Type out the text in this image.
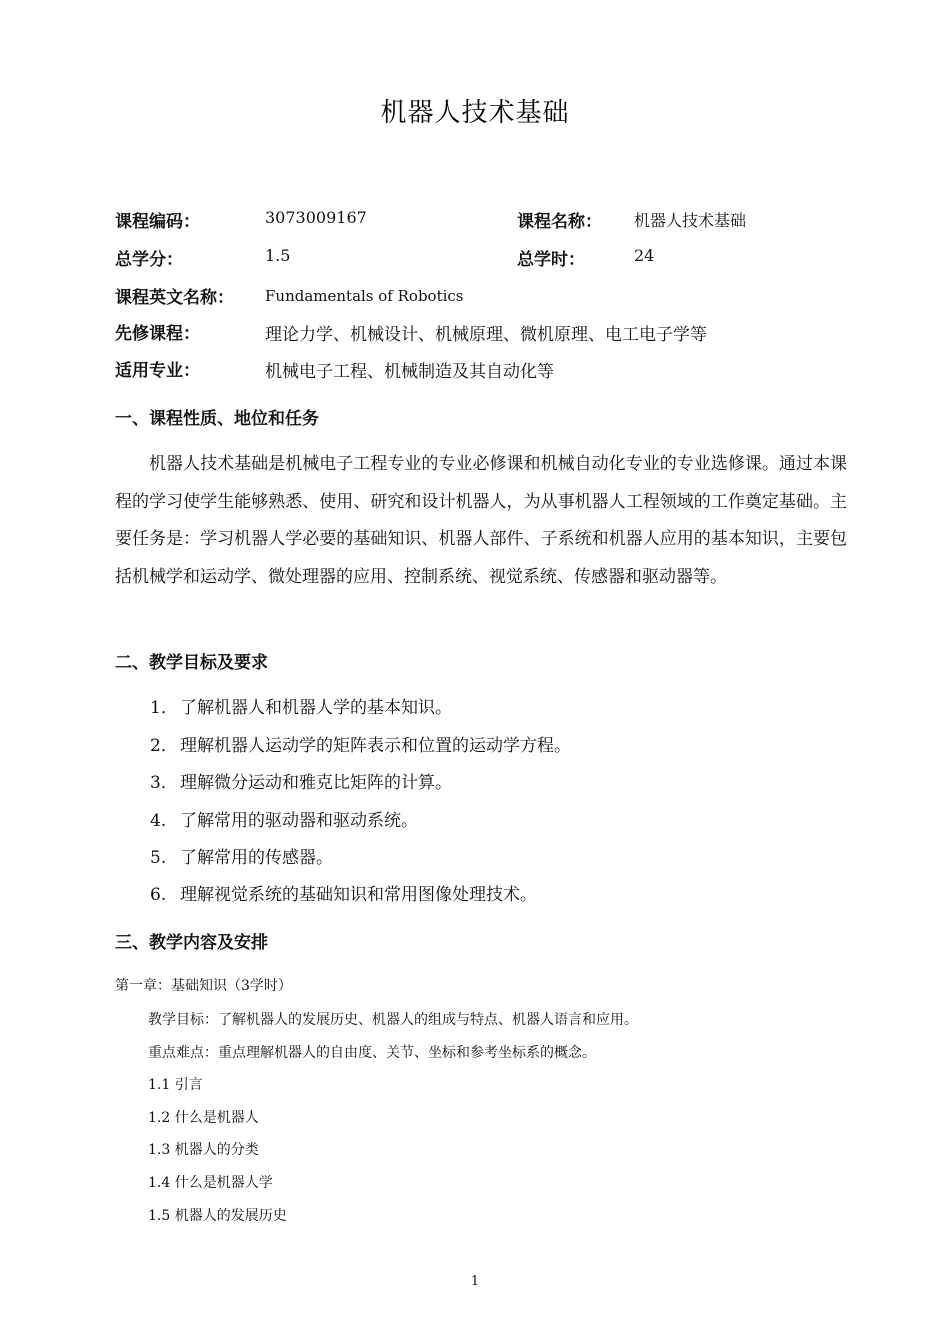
机器人技术基础
课程编码：	3073009167	课程名称： 机器人技术基础
总学分：	1.5	总学时：	24
课程英文名称： Fundamentals of Robotics
先修课程：	理论力学、机械设计、机械原理、微机原理、电工电子学等
适用专业：	机械电子工程、机械制造及其自动化等
一、课程性质、地位和任务

机器人技术基础是机械电子工程专业的专业必修课和机械自动化专业的专业选修课。通过本课程的学习使学生能够熟悉、使用、研究和设计机器人，为从事机器人工程领域的工作奠定基础。主要任务是：学习机器人学必要的基础知识、机器人部件、子系统和机器人应用的基本知识，主要包括机械学和运动学、微处理器的应用、控制系统、视觉系统、传感器和驱动器等。

二、教学目标及要求
1． 了解机器人和机器人学的基本知识。
2． 理解机器人运动学的矩阵表示和位置的运动学方程。
3． 理解微分运动和雅克比矩阵的计算。
4. 了解常用的驱动器和驱动系统。
5. 了解常用的传感器。
6. 理解视觉系统的基础知识和常用图像处理技术。
三、教学内容及安排
第一章：基础知识（3学时）
教学目标：了解机器人的发展历史、机器人的组成与特点、机器人语言和应用。
重点难点：重点理解机器人的自由度、关节、坐标和参考坐标系的概念。
1.1 引言
1.2 什么是机器人
1.3 机器人的分类
1.4 什么是机器人学
1.5 机器人的发展历史
1
